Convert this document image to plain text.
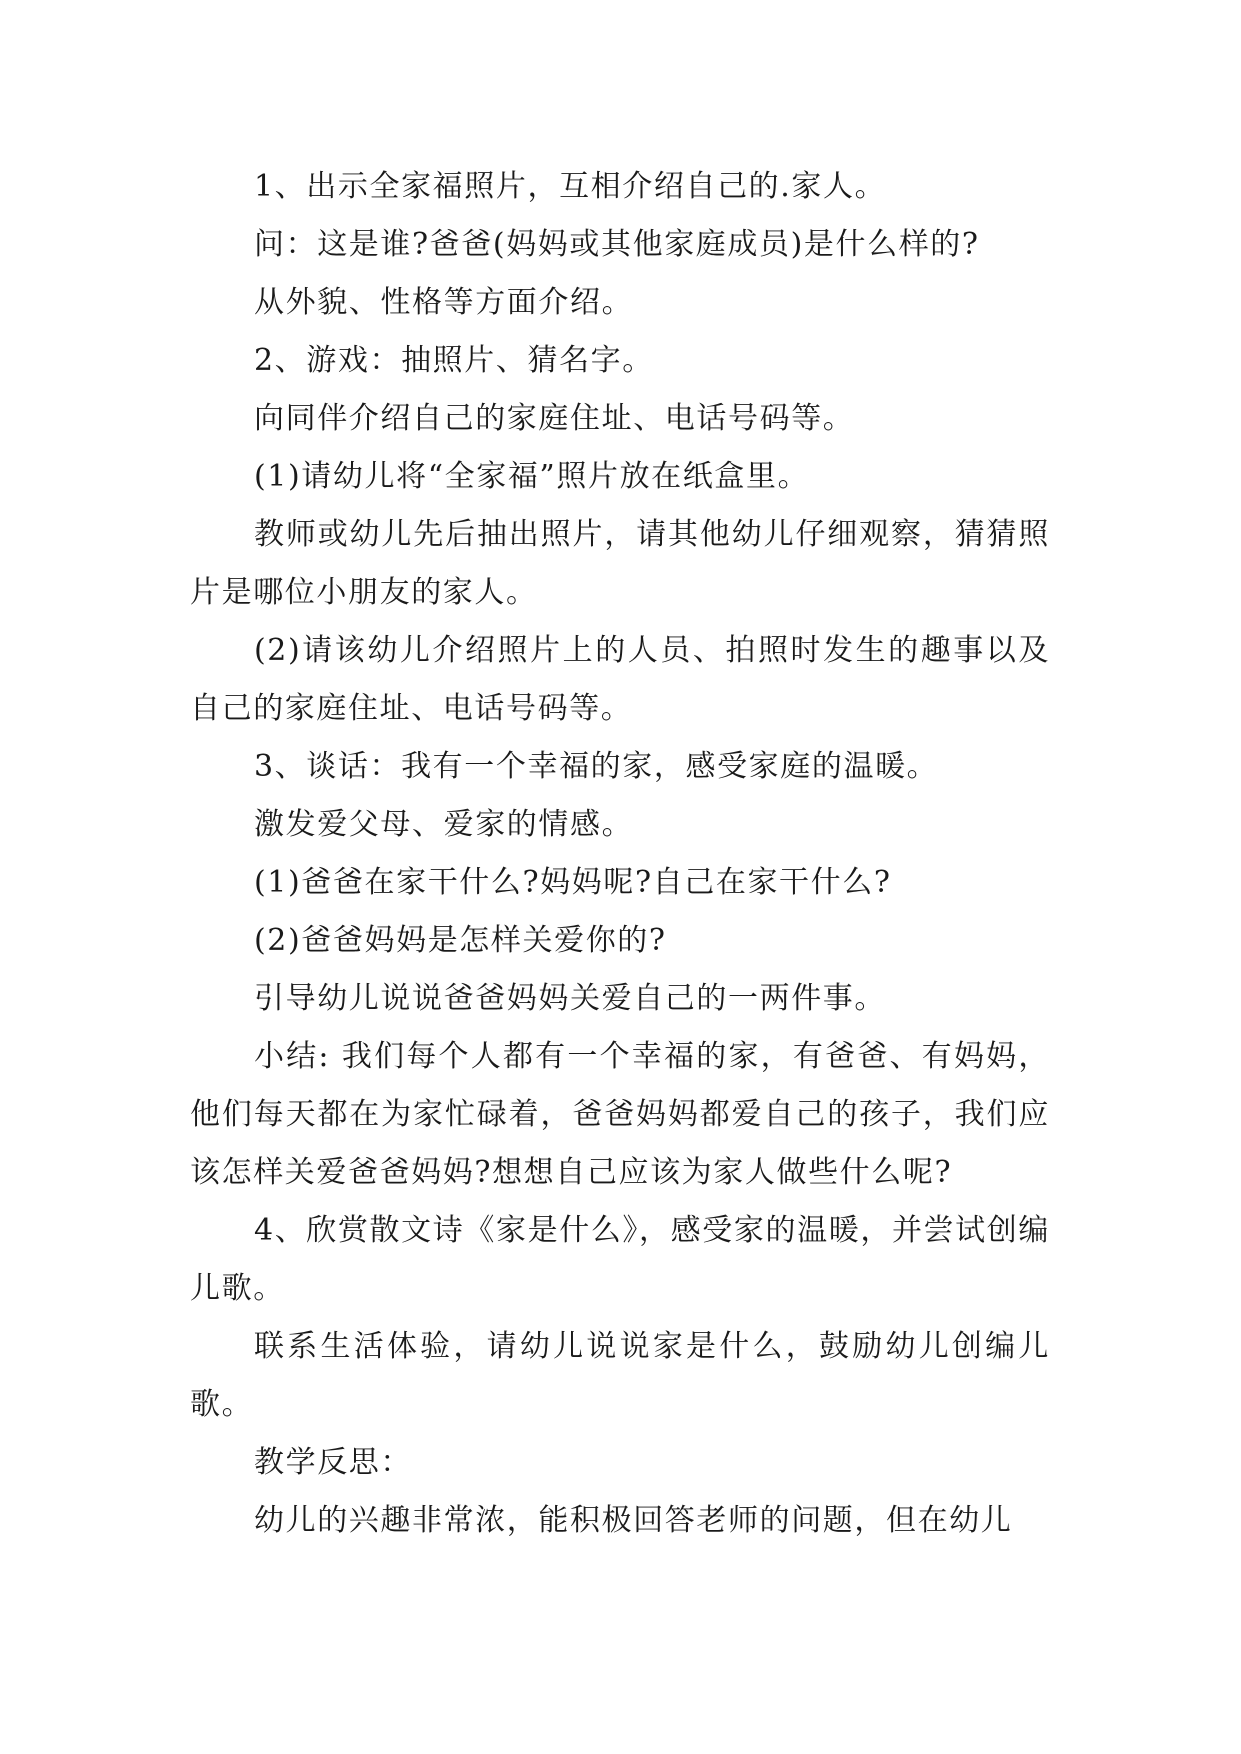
1、出示全家福照片，互相介绍自己的.家人。

问：这是谁?爸爸(妈妈或其他家庭成员)是什么样的?

从外貌、性格等方面介绍。

2、游戏：抽照片、猜名字。

向同伴介绍自己的家庭住址、电话号码等。

(1)请幼儿将“全家福”照片放在纸盒里。

教师或幼儿先后抽出照片，请其他幼儿仔细观察，猜猜照片是哪位小朋友的家人。

(2)请该幼儿介绍照片上的人员、拍照时发生的趣事以及自己的家庭住址、电话号码等。

3、谈话：我有一个幸福的家，感受家庭的温暖。

激发爱父母、爱家的情感。

(1)爸爸在家干什么?妈妈呢?自己在家干什么?

(2)爸爸妈妈是怎样关爱你的?

引导幼儿说说爸爸妈妈关爱自己的一两件事。

小结: 我们每个人都有一个幸福的家，有爸爸、有妈妈，他们每天都在为家忙碌着，爸爸妈妈都爱自己的孩子，我们应该怎样关爱爸爸妈妈?想想自己应该为家人做些什么呢?

4、欣赏散文诗《家是什么》，感受家的温暖，并尝试创编儿歌。

联系生活体验，请幼儿说说家是什么，鼓励幼儿创编儿歌。

教学反思：

幼儿的兴趣非常浓，能积极回答老师的问题，但在幼儿
